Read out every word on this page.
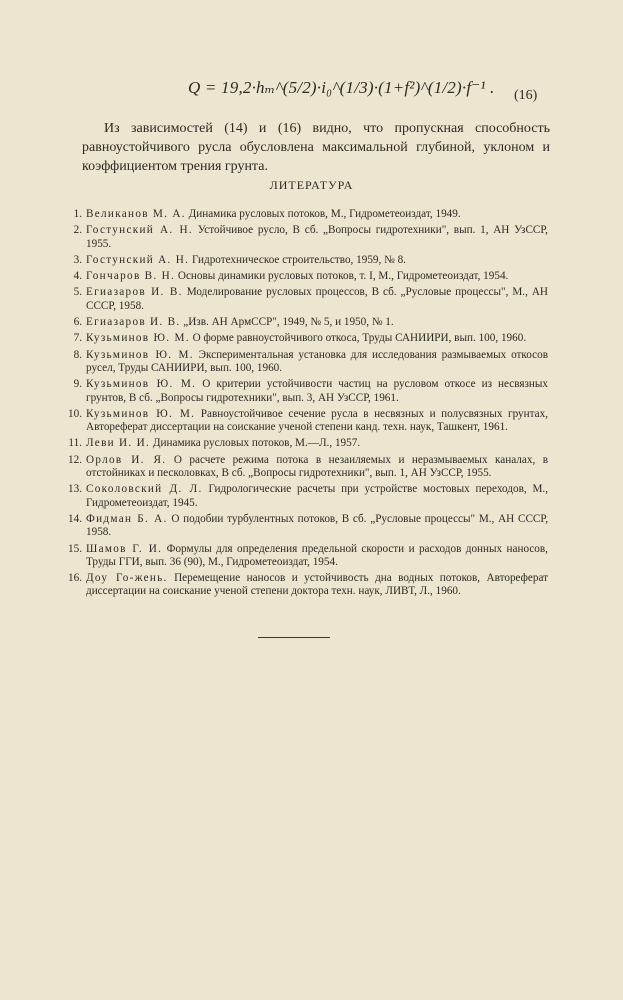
Q = 19,2·hₘ^(5/2)·i₀^(1/3)·(1+f²)^(1/2)·f⁻¹ . (16)

Из зависимостей (14) и (16) видно, что пропускная способность равноустойчивого русла обусловлена максимальной глубиной, уклоном и коэффициентом трения грунта.

ЛИТЕРАТУРА
1. Великанов М. А. Динамика русловых потоков, М., Гидрометеоиздат, 1949.
2. Гостунский А. Н. Устойчивое русло, В сб. „Вопросы гидротехники", вып. 1, АН УзССР, 1955.
3. Гостунский А. Н. Гидротехническое строительство, 1959, № 8.
4. Гончаров В. Н. Основы динамики русловых потоков, т. I, М., Гидрометеоиздат, 1954.
5. Егиазаров И. В. Моделирование русловых процессов, В сб. „Русловые процессы", М., АН СССР, 1958.
6. Егиазаров И. В. „Изв. АН АрмССР", 1949, № 5, и 1950, № 1.
7. Кузьминов Ю. М. О форме равноустойчивого откоса, Труды САНИИРИ, вып. 100, 1960.
8. Кузьминов Ю. М. Экспериментальная установка для исследования размываемых откосов русел, Труды САНИИРИ, вып. 100, 1960.
9. Кузьминов Ю. М. О критерии устойчивости частиц на русловом откосе из несвязных грунтов, В сб. „Вопросы гидротехники", вып. 3, АН УзССР, 1961.
10. Кузьминов Ю. М. Равноустойчивое сечение русла в несвязных и полусвязных грунтах, Автореферат диссертации на соискание ученой степени канд. техн. наук, Ташкент, 1961.
11. Леви И. И. Динамика русловых потоков, М.—Л., 1957.
12. Орлов И. Я. О расчете режима потока в незаиляемых и неразмываемых каналах, в отстойниках и песколовках, В сб. „Вопросы гидротехники", вып. 1, АН УзССР, 1955.
13. Соколовский Д. Л. Гидрологические расчеты при устройстве мостовых переходов, М., Гидрометеоиздат, 1945.
14. Фидман Б. А. О подобии турбулентных потоков, В сб. „Русловые процессы" М., АН СССР, 1958.
15. Шамов Г. И. Формулы для определения предельной скорости и расходов донных наносов, Труды ГГИ, вып. 36 (90), М., Гидрометеоиздат, 1954.
16. Доу Го-жень. Перемещение наносов и устойчивость дна водных потоков, Автореферат диссертации на соискание ученой степени доктора техн. наук, ЛИВТ, Л., 1960.
